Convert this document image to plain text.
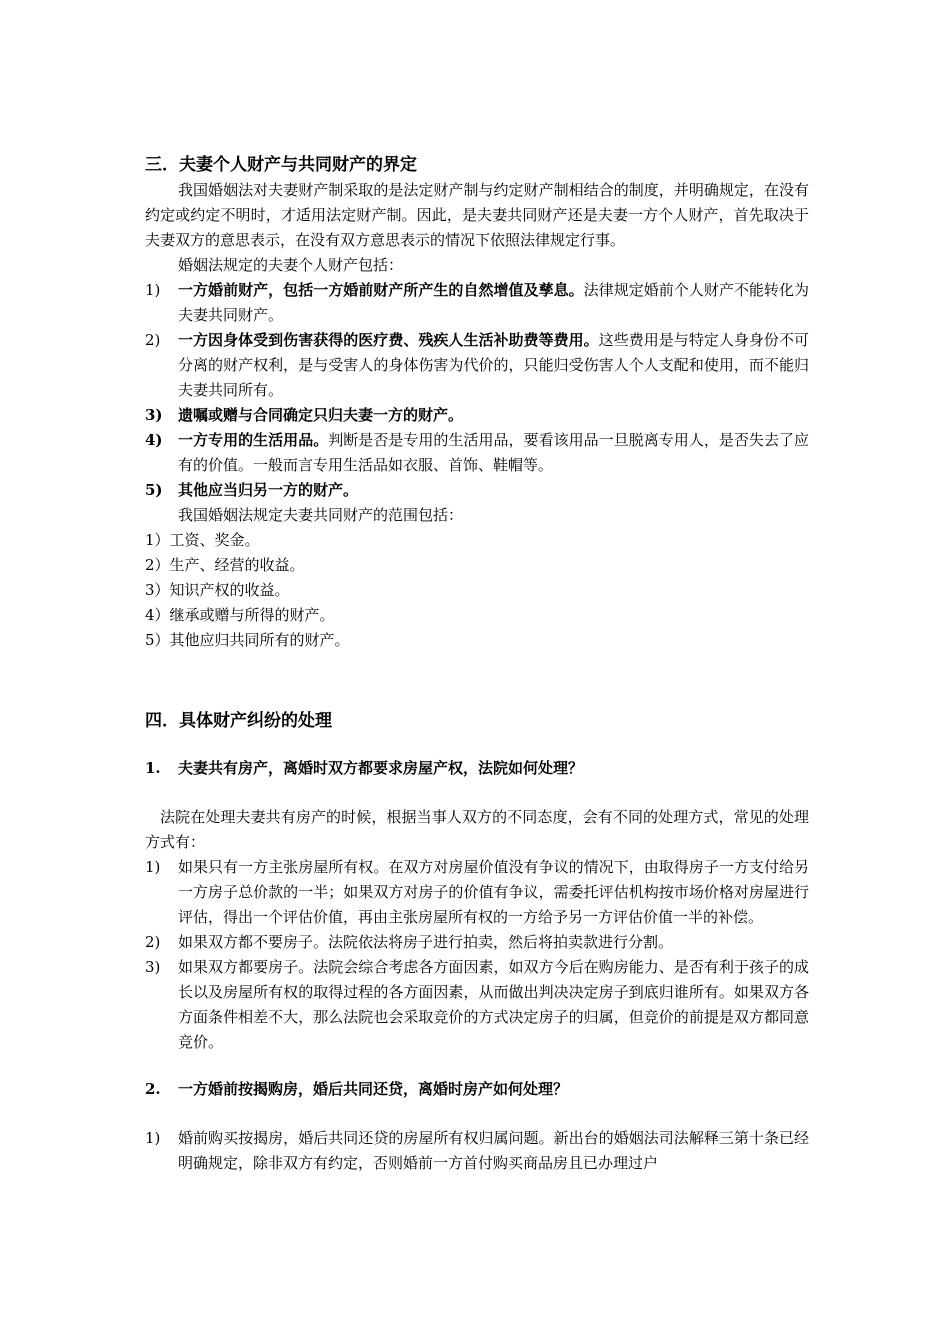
三．夫妻个人财产与共同财产的界定
我国婚姻法对夫妻财产制采取的是法定财产制与约定财产制相结合的制度，并明确规定，在没有约定或约定不明时，才适用法定财产制。因此，是夫妻共同财产还是夫妻一方个人财产，首先取决于夫妻双方的意思表示，在没有双方意思表示的情况下依照法律规定行事。
婚姻法规定的夫妻个人财产包括：
1) 一方婚前财产，包括一方婚前财产所产生的自然增值及孳息。法律规定婚前个人财产不能转化为夫妻共同财产。
2) 一方因身体受到伤害获得的医疗费、残疾人生活补助费等费用。这些费用是与特定人身身份不可分离的财产权利，是与受害人的身体伤害为代价的，只能归受伤害人个人支配和使用，而不能归夫妻共同所有。
3) 遗嘱或赠与合同确定只归夫妻一方的财产。
4) 一方专用的生活用品。判断是否是专用的生活用品，要看该用品一旦脱离专用人，是否失去了应有的价值。一般而言专用生活品如衣服、首饰、鞋帽等。
5) 其他应当归另一方的财产。
我国婚姻法规定夫妻共同财产的范围包括：
1）工资、奖金。
2）生产、经营的收益。
3）知识产权的收益。
4）继承或赠与所得的财产。
5）其他应归共同所有的财产。
四．具体财产纠纷的处理
1. 夫妻共有房产，离婚时双方都要求房屋产权，法院如何处理？
法院在处理夫妻共有房产的时候，根据当事人双方的不同态度，会有不同的处理方式，常见的处理方式有：
1) 如果只有一方主张房屋所有权。在双方对房屋价值没有争议的情况下，由取得房子一方支付给另一方房子总价款的一半；如果双方对房子的价值有争议，需委托评估机构按市场价格对房屋进行评估，得出一个评估价值，再由主张房屋所有权的一方给予另一方评估价值一半的补偿。
2) 如果双方都不要房子。法院依法将房子进行拍卖，然后将拍卖款进行分割。
3) 如果双方都要房子。法院会综合考虑各方面因素，如双方今后在购房能力、是否有利于孩子的成长以及房屋所有权的取得过程的各方面因素，从而做出判决决定房子到底归谁所有。如果双方各方面条件相差不大，那么法院也会采取竞价的方式决定房子的归属，但竞价的前提是双方都同意竞价。
2. 一方婚前按揭购房，婚后共同还贷，离婚时房产如何处理？
1) 婚前购买按揭房，婚后共同还贷的房屋所有权归属问题。新出台的婚姻法司法解释三第十条已经明确规定，除非双方有约定，否则婚前一方首付购买商品房且已办理过户
